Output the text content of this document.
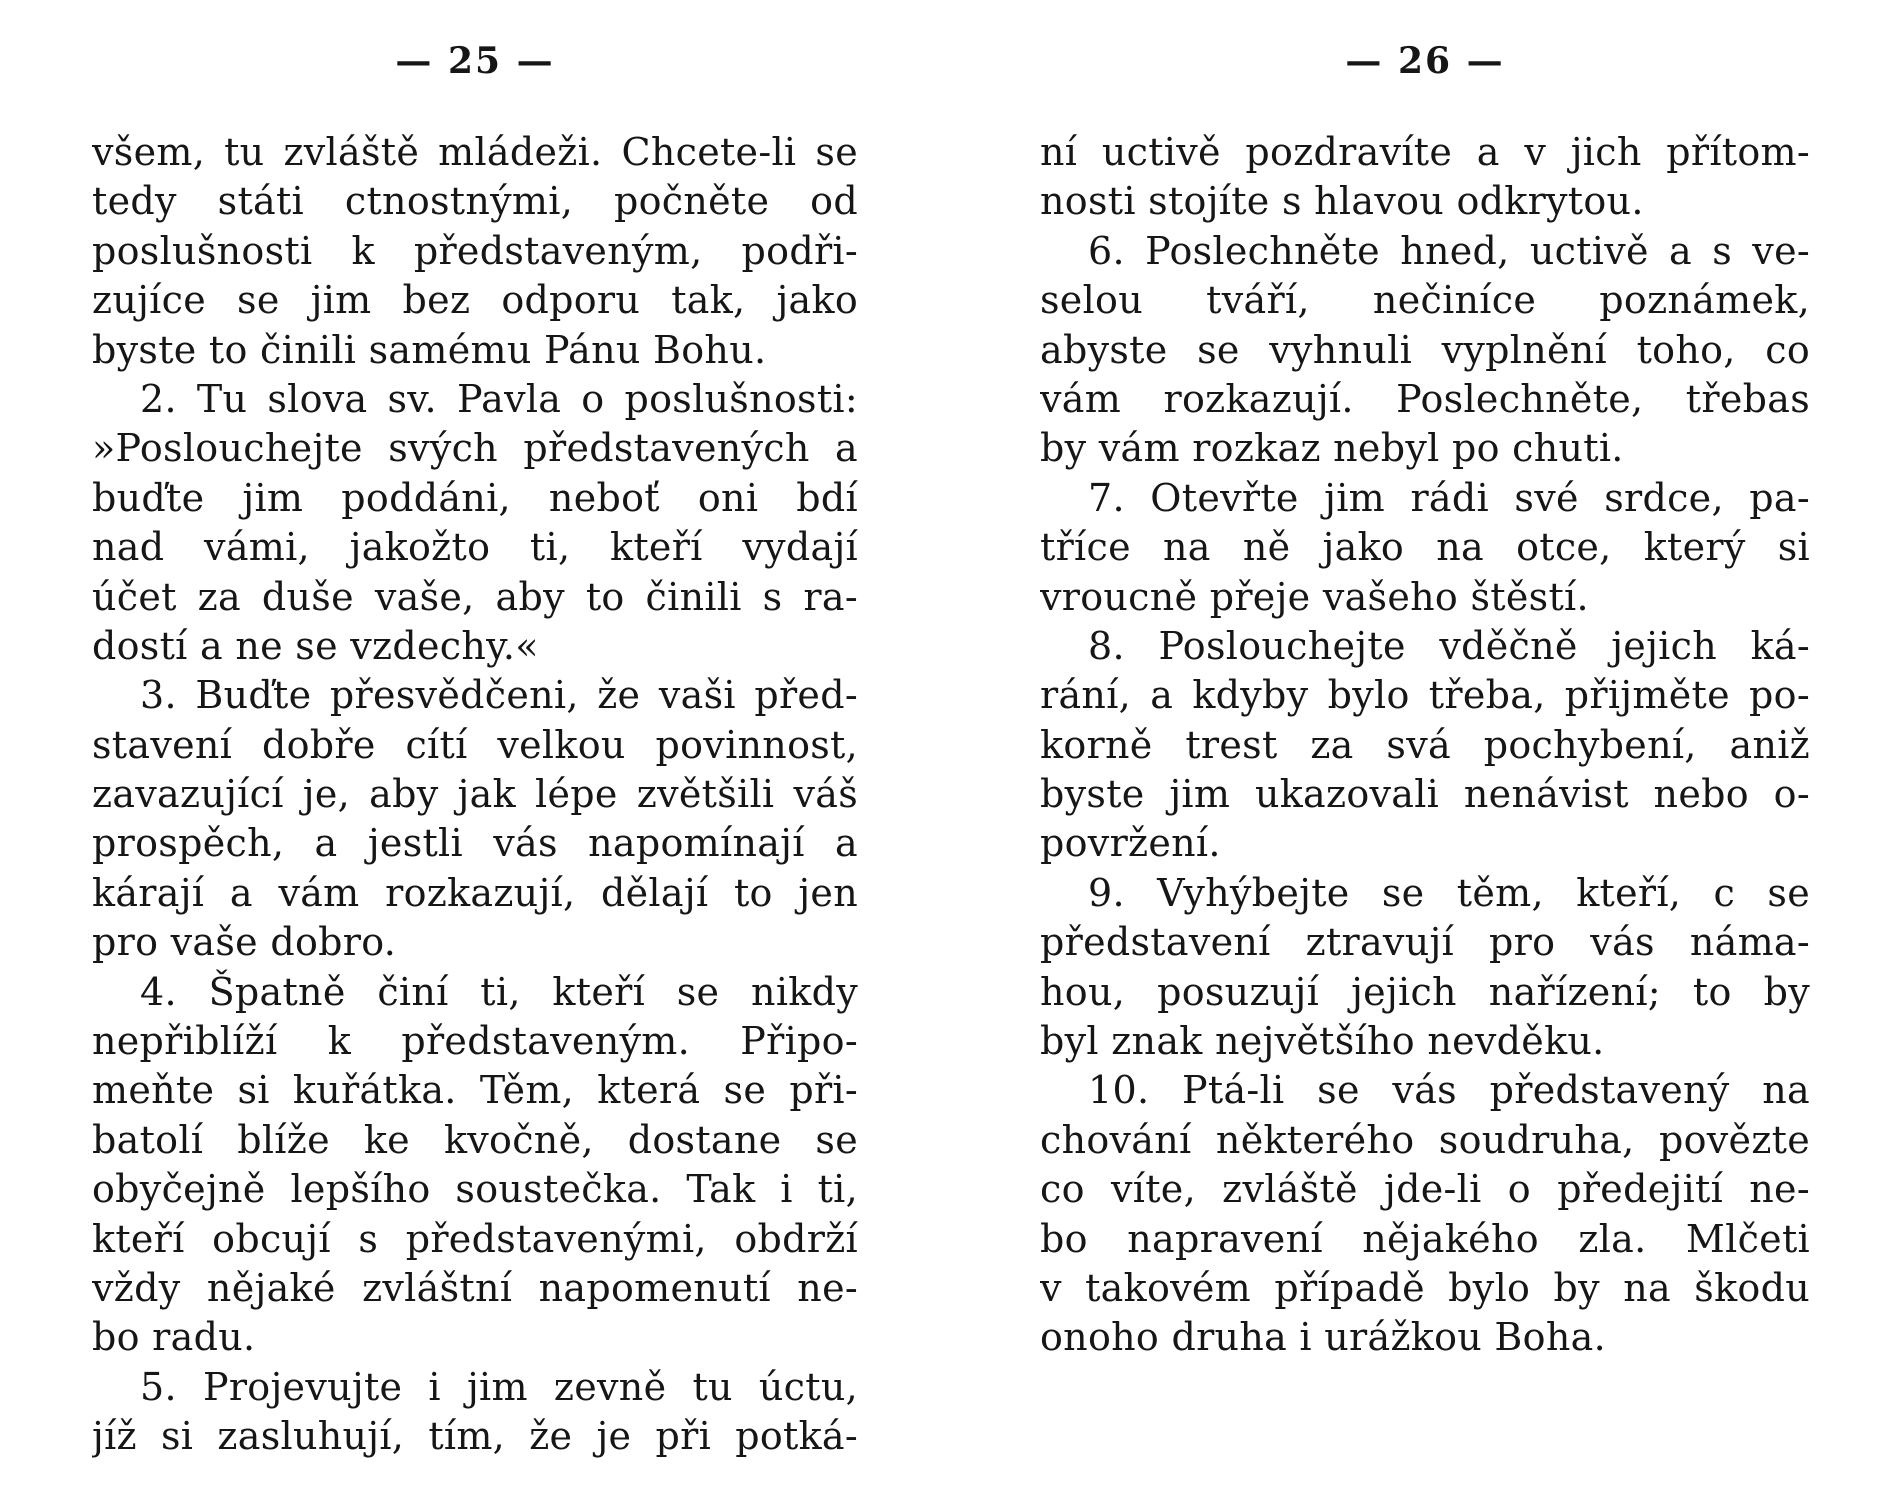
— 25 —
všem, tu zvláště mládeži. Chcete-li se
tedy státi ctnostnými, počněte od
poslušnosti k představeným, podři-
zujíce se jim bez odporu tak, jako
byste to činili samému Pánu Bohu.
2. Tu slova sv. Pavla o poslušnosti:
»Poslouchejte svých představených a
buďte jim poddáni, neboť oni bdí
nad vámi, jakožto ti, kteří vydají
účet za duše vaše, aby to činili s ra-
dostí a ne se vzdechy.«
3. Buďte přesvědčeni, že vaši před-
stavení dobře cítí velkou povinnost,
zavazující je, aby jak lépe zvětšili váš
prospěch, a jestli vás napomínají a
kárají a vám rozkazují, dělají to jen
pro vaše dobro.
4. Špatně činí ti, kteří se nikdy
nepřiblíží k představeným. Připo-
meňte si kuřátka. Těm, která se při-
batolí blíže ke kvočně, dostane se
obyčejně lepšího soustečka. Tak i ti,
kteří obcují s představenými, obdrží
vždy nějaké zvláštní napomenutí ne-
bo radu.
5. Projevujte i jim zevně tu úctu,
jíž si zasluhují, tím, že je při potká-
— 26 —
ní uctivě pozdravíte a v jich přítom-
nosti stojíte s hlavou odkrytou.
6. Poslechněte hned, uctivě a s ve-
selou tváří, nečiníce poznámek,
abyste se vyhnuli vyplnění toho, co
vám rozkazují. Poslechněte, třebas
by vám rozkaz nebyl po chuti.
7. Otevřte jim rádi své srdce, pa-
tříce na ně jako na otce, který si
vroucně přeje vašeho štěstí.
8. Poslouchejte vděčně jejich ká-
rání, a kdyby bylo třeba, přijměte po-
korně trest za svá pochybení, aniž
byste jim ukazovali nenávist nebo o-
povržení.
9. Vyhýbejte se těm, kteří, c se
představení ztravují pro vás náma-
hou, posuzují jejich nařízení; to by
byl znak největšího nevděku.
10. Ptá-li se vás představený na
chování některého soudruha, povězte
co víte, zvláště jde-li o předejití ne-
bo napravení nějakého zla. Mlčeti
v takovém případě bylo by na škodu
onoho druha i urážkou Boha.
